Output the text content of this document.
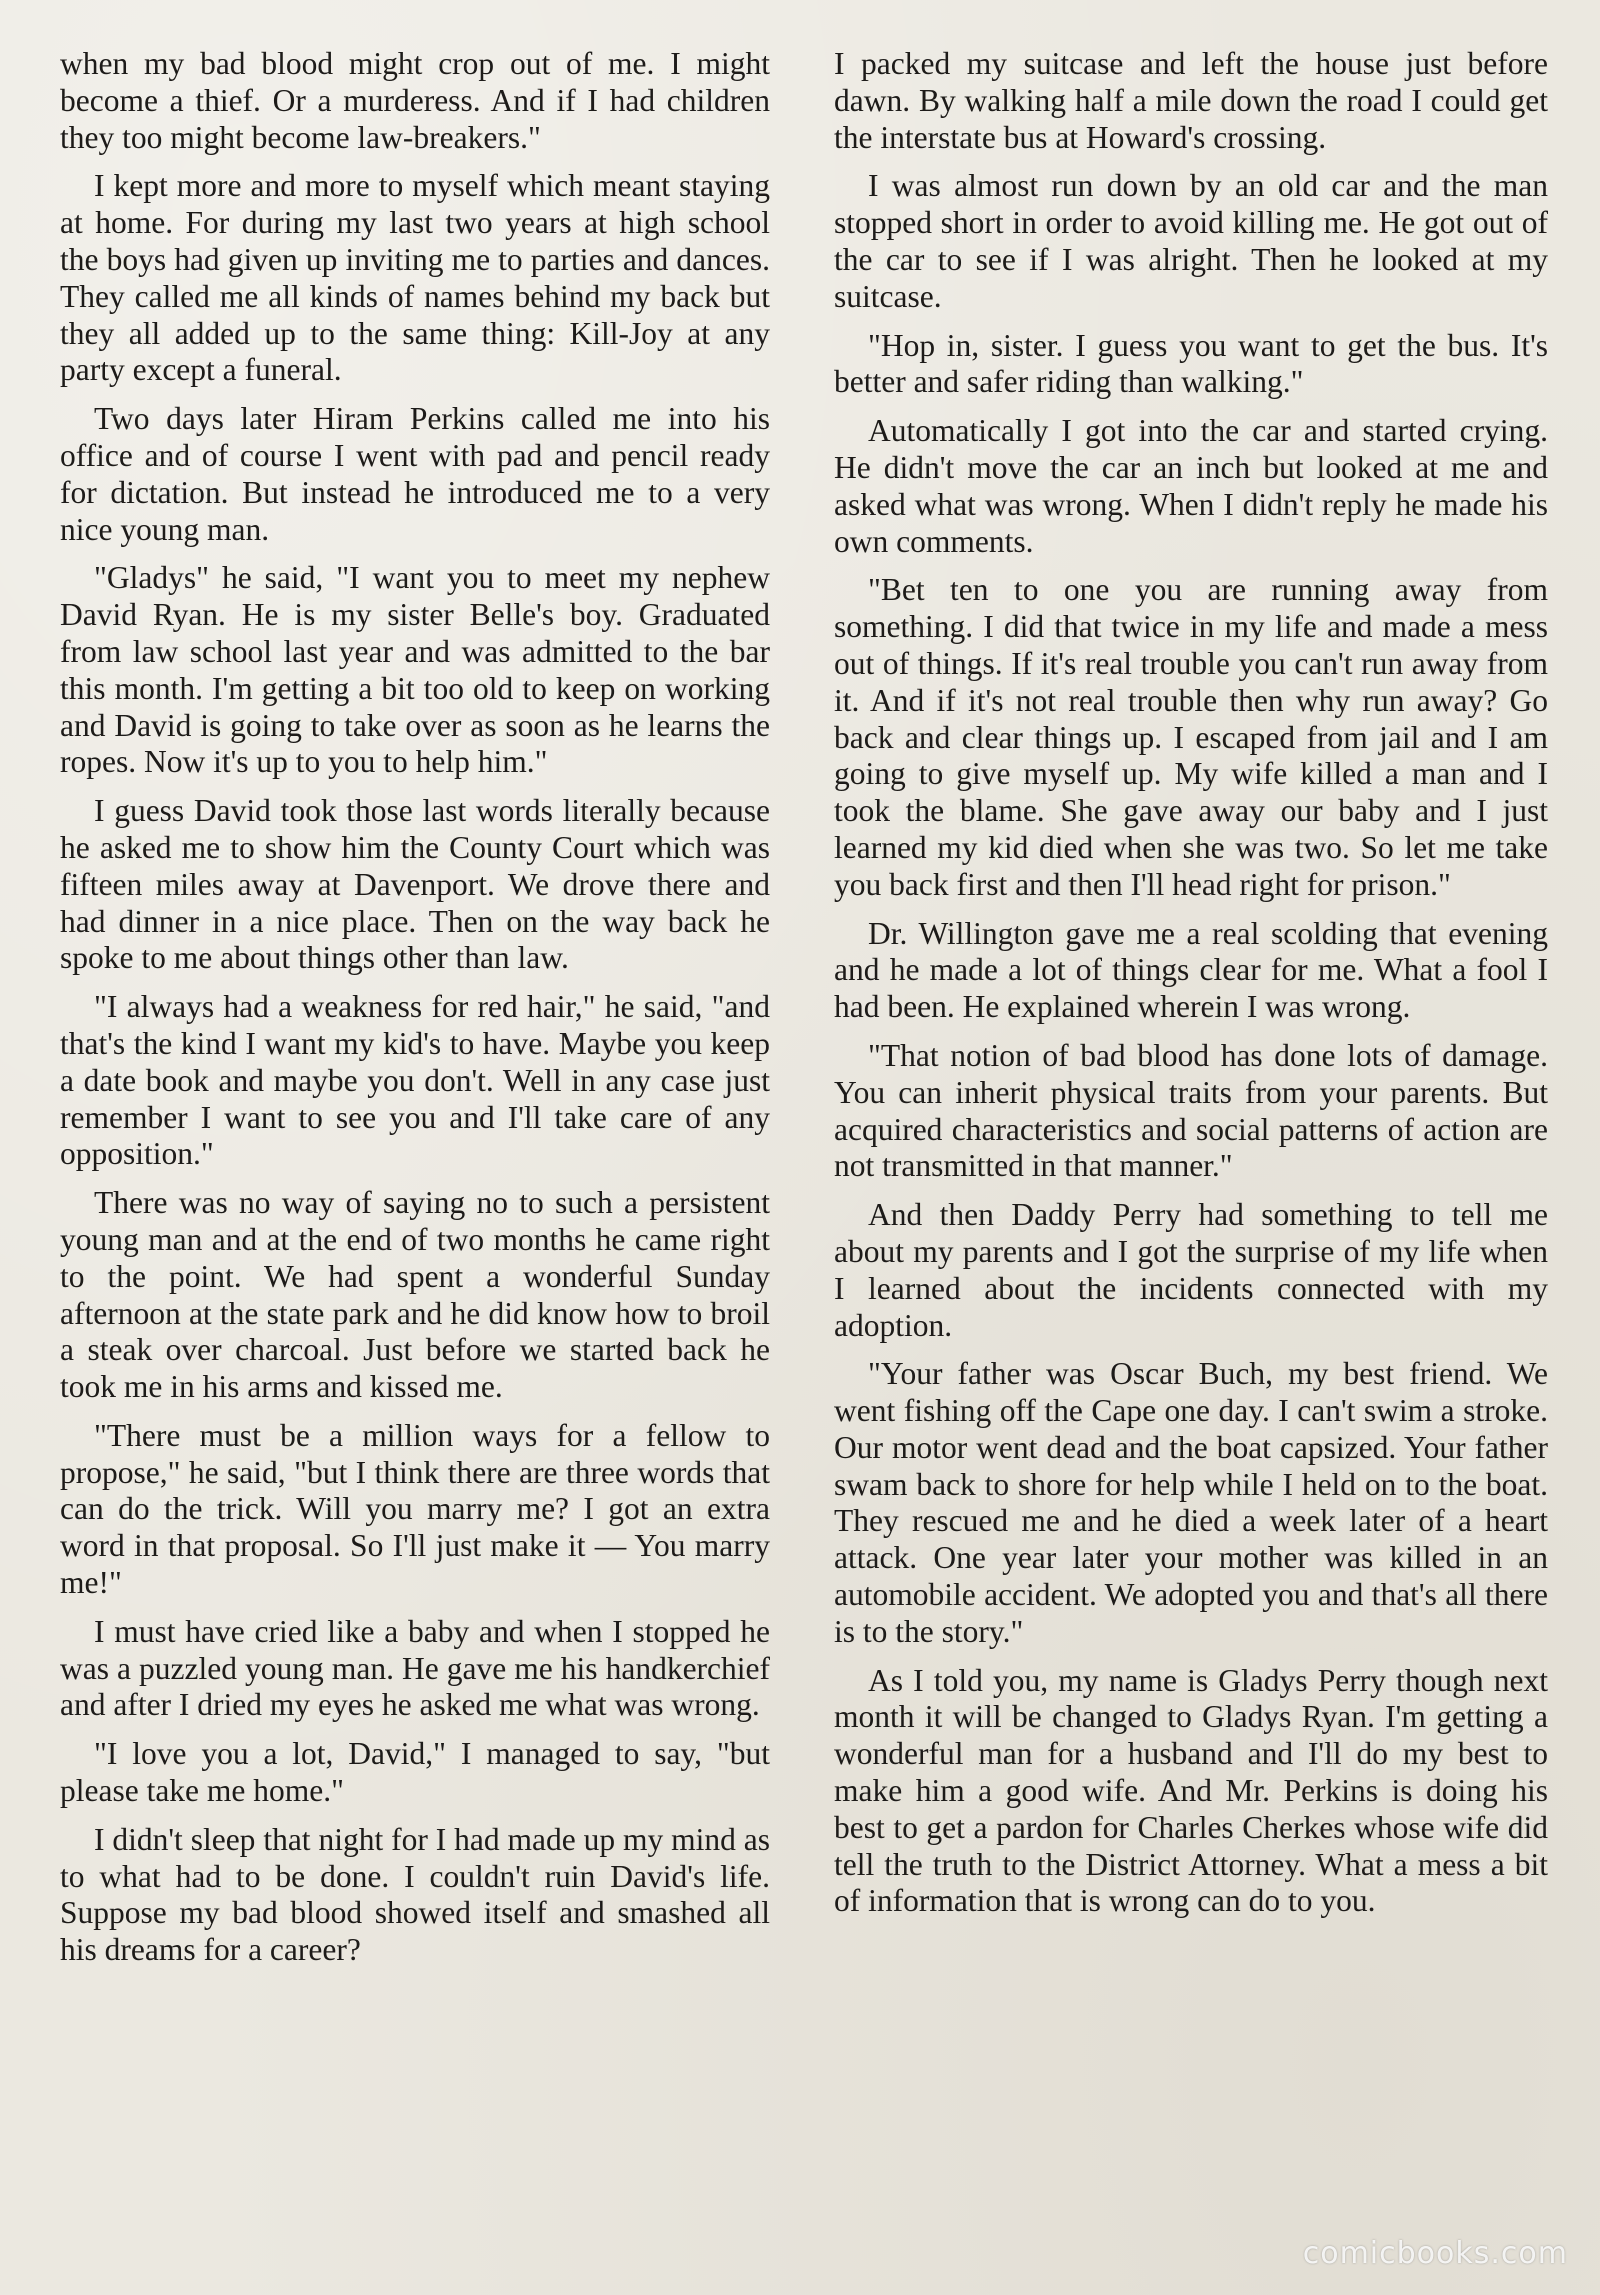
when my bad blood might crop out of me. I might become a thief. Or a murderess. And if I had children they too might become law-breakers."

I kept more and more to myself which meant staying at home. For during my last two years at high school the boys had given up inviting me to parties and dances. They called me all kinds of names behind my back but they all added up to the same thing: Kill-Joy at any party except a funeral.

Two days later Hiram Perkins called me into his office and of course I went with pad and pencil ready for dictation. But instead he introduced me to a very nice young man.

"Gladys" he said, "I want you to meet my nephew David Ryan. He is my sister Belle's boy. Graduated from law school last year and was admitted to the bar this month. I'm getting a bit too old to keep on working and David is going to take over as soon as he learns the ropes. Now it's up to you to help him."

I guess David took those last words literally because he asked me to show him the County Court which was fifteen miles away at Davenport. We drove there and had dinner in a nice place. Then on the way back he spoke to me about things other than law.

"I always had a weakness for red hair," he said, "and that's the kind I want my kid's to have. Maybe you keep a date book and maybe you don't. Well in any case just remember I want to see you and I'll take care of any opposition."

There was no way of saying no to such a persistent young man and at the end of two months he came right to the point. We had spent a wonderful Sunday afternoon at the state park and he did know how to broil a steak over charcoal. Just before we started back he took me in his arms and kissed me.

"There must be a million ways for a fellow to propose," he said, "but I think there are three words that can do the trick. Will you marry me? I got an extra word in that proposal. So I'll just make it — You marry me!"

I must have cried like a baby and when I stopped he was a puzzled young man. He gave me his handkerchief and after I dried my eyes he asked me what was wrong.

"I love you a lot, David," I managed to say, "but please take me home."

I didn't sleep that night for I had made up my mind as to what had to be done. I couldn't ruin David's life. Suppose my bad blood showed itself and smashed all his dreams for a career?

I packed my suitcase and left the house just before dawn. By walking half a mile down the road I could get the interstate bus at Howard's crossing.

I was almost run down by an old car and the man stopped short in order to avoid killing me. He got out of the car to see if I was alright. Then he looked at my suitcase.

"Hop in, sister. I guess you want to get the bus. It's better and safer riding than walking."

Automatically I got into the car and started crying. He didn't move the car an inch but looked at me and asked what was wrong. When I didn't reply he made his own comments.

"Bet ten to one you are running away from something. I did that twice in my life and made a mess out of things. If it's real trouble you can't run away from it. And if it's not real trouble then why run away? Go back and clear things up. I escaped from jail and I am going to give myself up. My wife killed a man and I took the blame. She gave away our baby and I just learned my kid died when she was two. So let me take you back first and then I'll head right for prison."

Dr. Willington gave me a real scolding that evening and he made a lot of things clear for me. What a fool I had been. He explained wherein I was wrong.

"That notion of bad blood has done lots of damage. You can inherit physical traits from your parents. But acquired characteristics and social patterns of action are not transmitted in that manner."

And then Daddy Perry had something to tell me about my parents and I got the surprise of my life when I learned about the incidents connected with my adoption.

"Your father was Oscar Buch, my best friend. We went fishing off the Cape one day. I can't swim a stroke. Our motor went dead and the boat capsized. Your father swam back to shore for help while I held on to the boat. They rescued me and he died a week later of a heart attack. One year later your mother was killed in an automobile accident. We adopted you and that's all there is to the story."

As I told you, my name is Gladys Perry though next month it will be changed to Gladys Ryan. I'm getting a wonderful man for a husband and I'll do my best to make him a good wife. And Mr. Perkins is doing his best to get a pardon for Charles Cherkes whose wife did tell the truth to the District Attorney. What a mess a bit of information that is wrong can do to you.

comicbooks.com
